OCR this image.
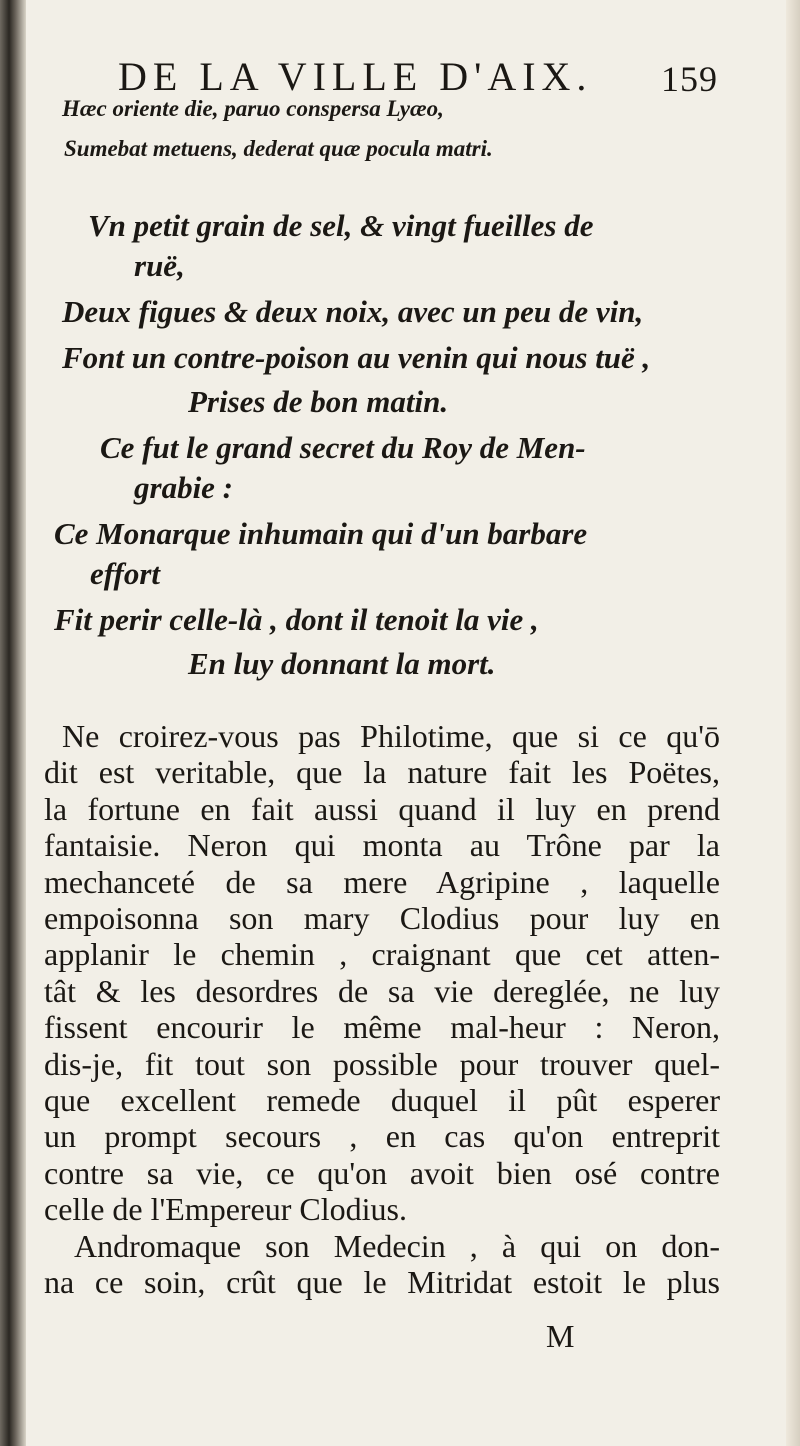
DE LA VILLE D'AIX. 159
Hæc oriente die, paruo conspersa Lyæo,
Sumebat metuens, dederat quæ pocula matri.
Vn petit grain de sel, & vingt fueilles de
ruë,
Deux figues & deux noix, avec un peu de vin,
Font un contre-poison au venin qui nous tuë ,
Prises de bon matin.
Ce fut le grand secret du Roy de Men-
grabie :
Ce Monarque inhumain qui d'un barbare
effort
Fit perir celle-là , dont il tenoit la vie ,
En luy donnant la mort.
Ne croirez-vous pas Philotime, que si ce qu'ō
dit est veritable, que la nature fait les Poëtes,
la fortune en fait aussi quand il luy en prend
fantaisie. Neron qui monta au Trône par la
mechanceté de sa mere Agripine , laquelle
empoisonna son mary Clodius pour luy en
applanir le chemin , craignant que cet atten-
tât & les desordres de sa vie dereglée, ne luy
fissent encourir le même mal-heur : Neron,
dis-je, fit tout son possible pour trouver quel-
que excellent remede duquel il pût esperer
un prompt secours , en cas qu'on entreprit
contre sa vie, ce qu'on avoit bien osé contre
celle de l'Empereur Clodius.
Andromaque son Medecin , à qui on don-
na ce soin, crût que le Mitridat estoit le plus
M
